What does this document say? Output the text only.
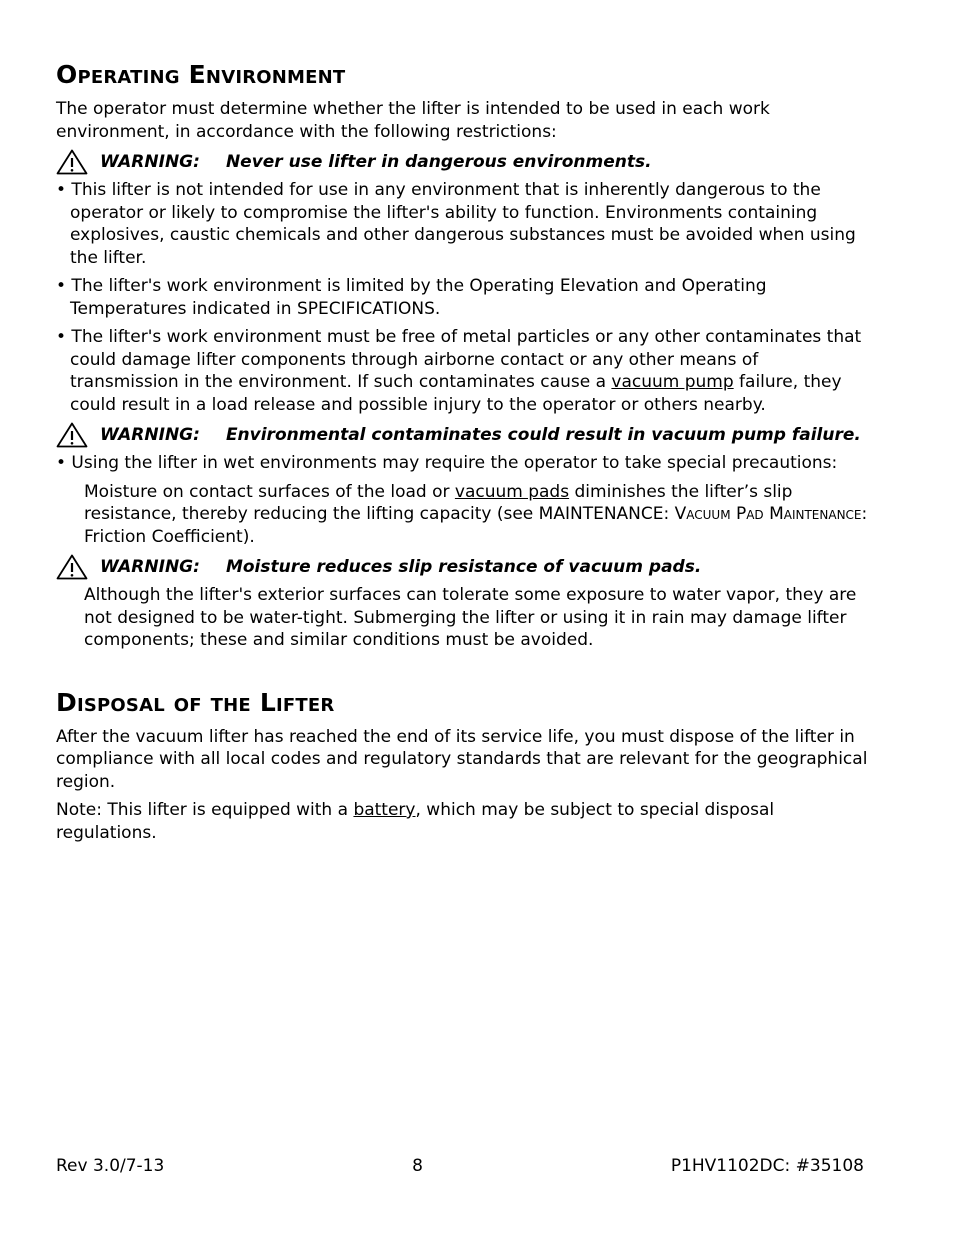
Operating Environment

The operator must determine whether the lifter is intended to be used in each work environment, in accordance with the following restrictions:

WARNING: Never use lifter in dangerous environments.

• This lifter is not intended for use in any environment that is inherently dangerous to the operator or likely to compromise the lifter's ability to function. Environments containing explosives, caustic chemicals and other dangerous substances must be avoided when using the lifter.

• The lifter's work environment is limited by the Operating Elevation and Operating Temperatures indicated in SPECIFICATIONS.

• The lifter's work environment must be free of metal particles or any other contaminates that could damage lifter components through airborne contact or any other means of transmission in the environment. If such contaminates cause a vacuum pump failure, they could result in a load release and possible injury to the operator or others nearby.

WARNING: Environmental contaminates could result in vacuum pump failure.

• Using the lifter in wet environments may require the operator to take special precautions:

Moisture on contact surfaces of the load or vacuum pads diminishes the lifter’s slip resistance, thereby reducing the lifting capacity (see MAINTENANCE: Vacuum Pad Maintenance: Friction Coefficient).

WARNING: Moisture reduces slip resistance of vacuum pads.

Although the lifter's exterior surfaces can tolerate some exposure to water vapor, they are not designed to be water-tight. Submerging the lifter or using it in rain may damage lifter components; these and similar conditions must be avoided.

Disposal of the Lifter

After the vacuum lifter has reached the end of its service life, you must dispose of the lifter in compliance with all local codes and regulatory standards that are relevant for the geographical region.

Note: This lifter is equipped with a battery, which may be subject to special disposal regulations.

Rev 3.0/7-13	8	P1HV1102DC: #35108
